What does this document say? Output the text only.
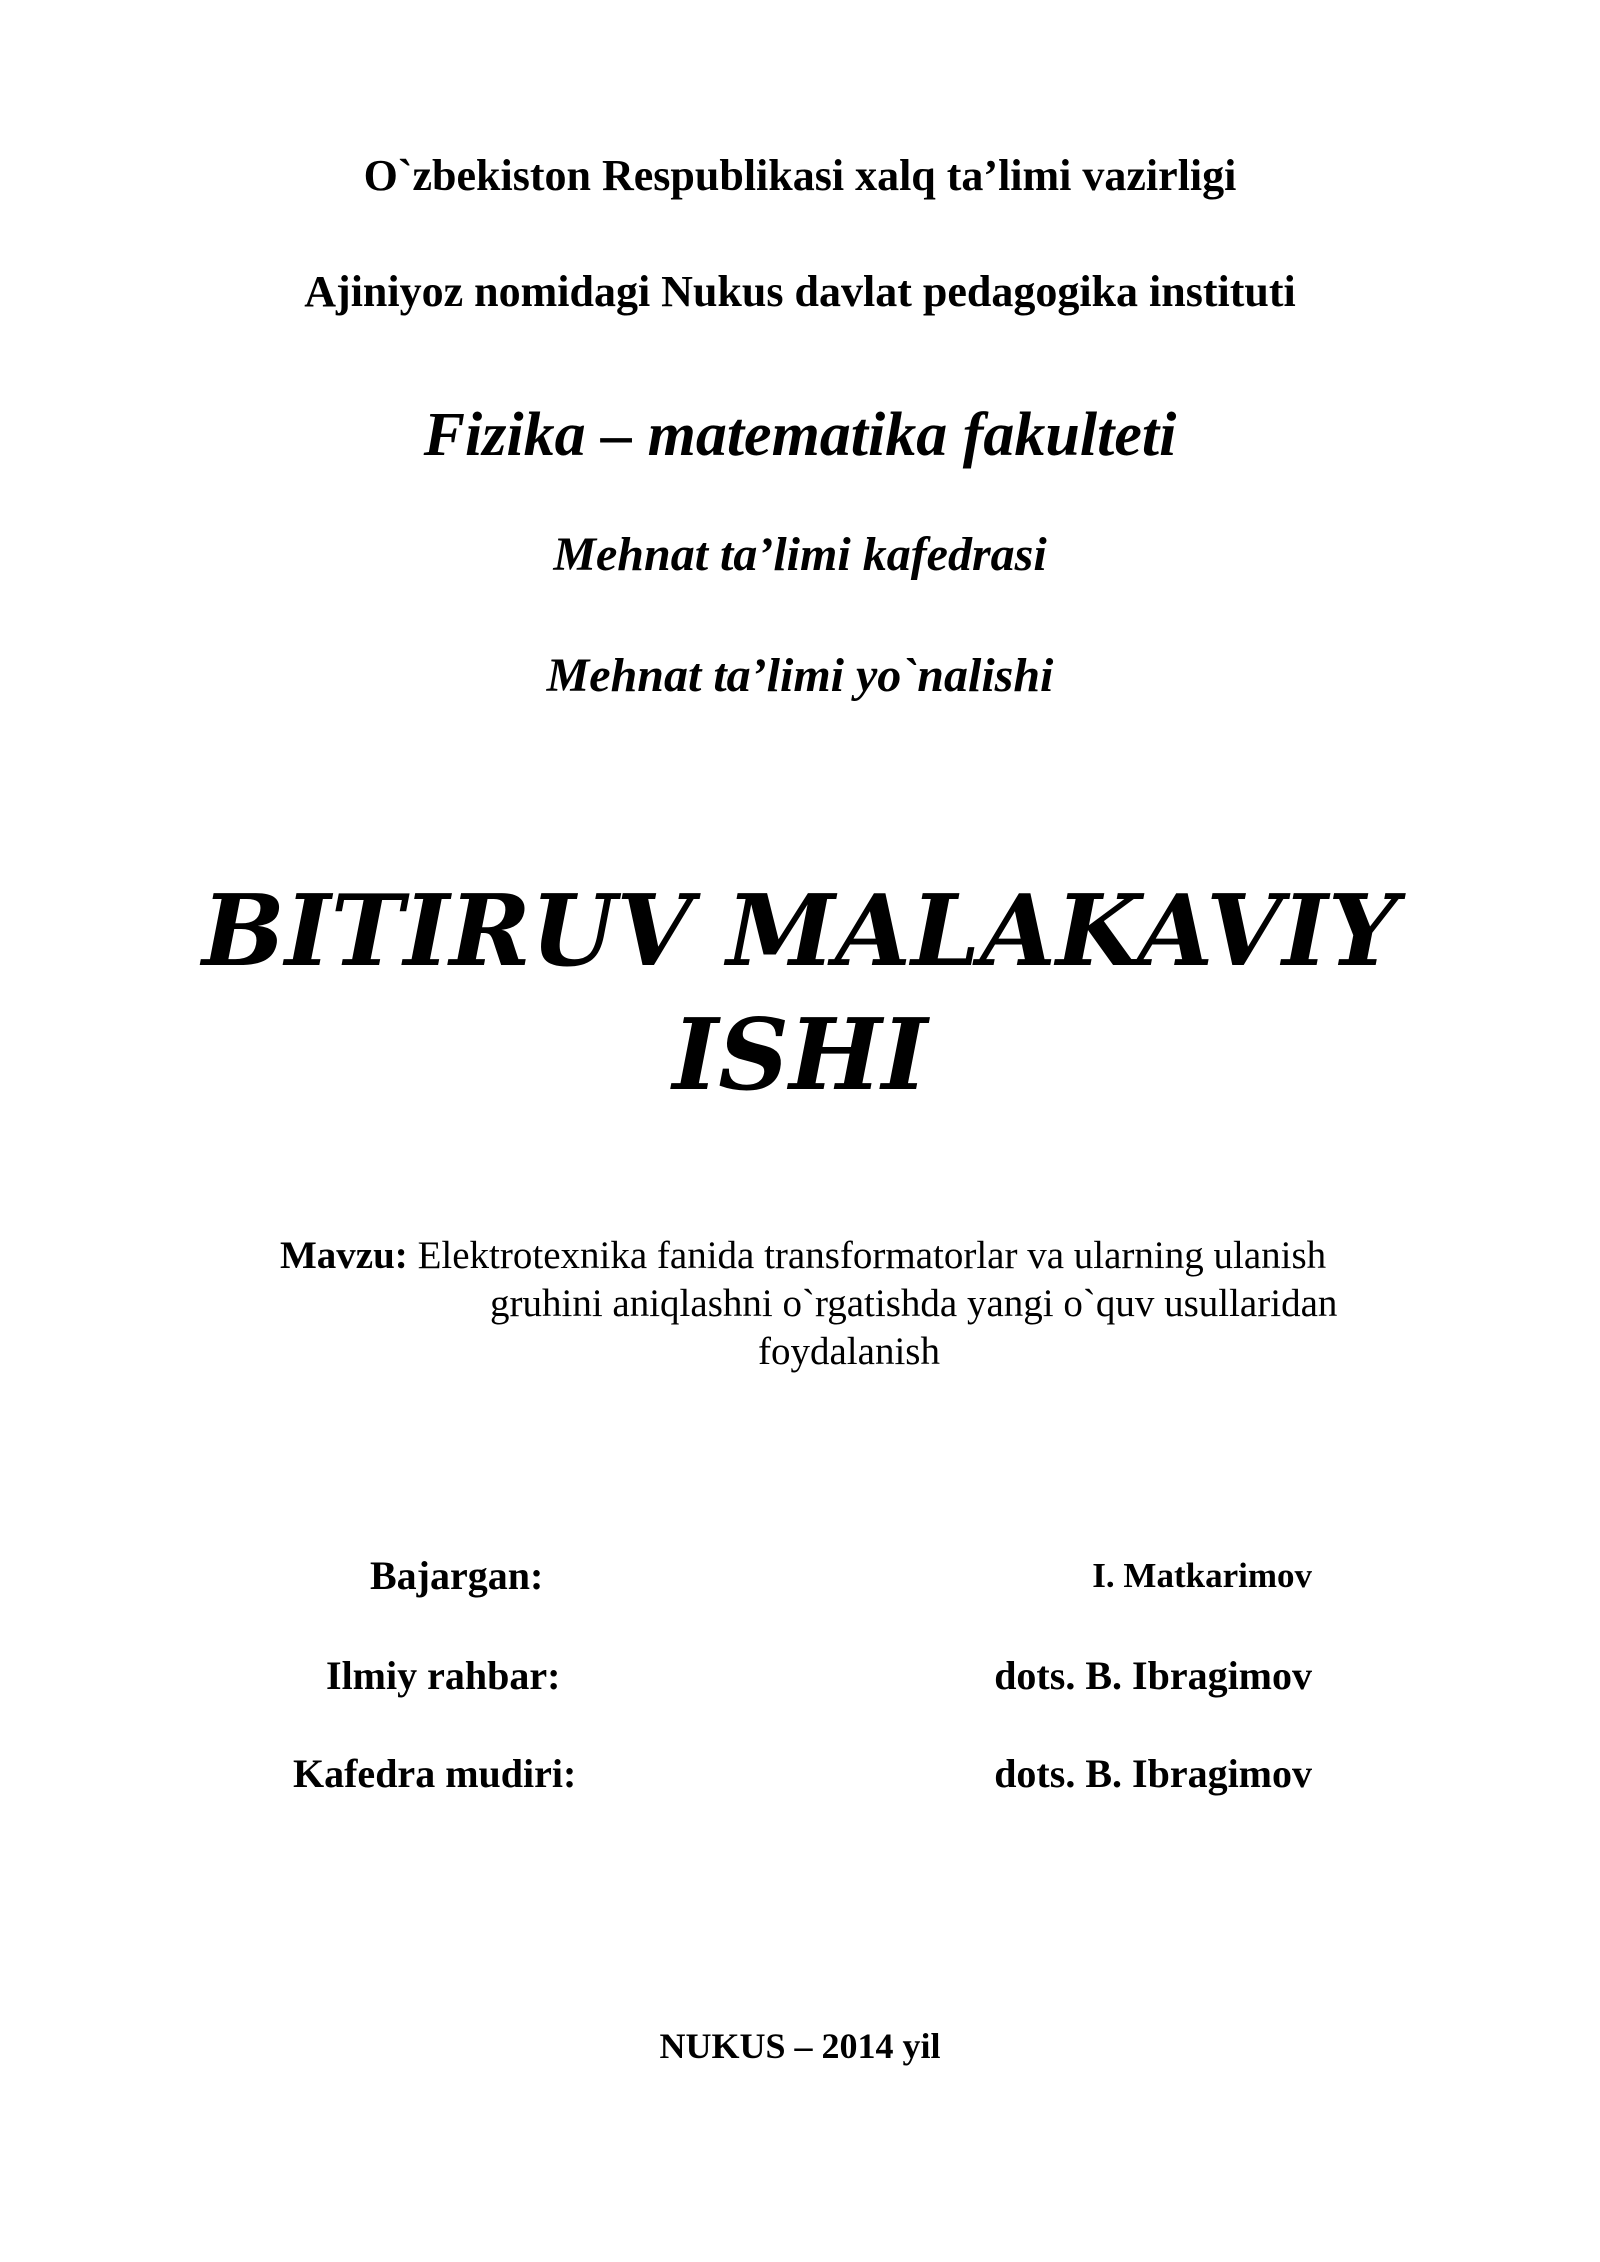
O`zbekiston Respublikasi xalq ta’limi vazirligi
Ajiniyoz nomidagi Nukus davlat pedagogika instituti
Fizika – matematika fakulteti
Mehnat ta’limi kafedrasi
Mehnat ta’limi yo`nalishi
BITIRUV MALAKAVIY
ISHI
Mavzu: Elektrotexnika fanida transformatorlar va ularning ulanish
gruhini aniqlashni o`rgatishda yangi o`quv usullaridan
foydalanish
Bajargan:	I. Matkarimov
Ilmiy rahbar:	dots. B. Ibragimov
Kafedra mudiri:	dots. B. Ibragimov
NUKUS – 2014 yil
